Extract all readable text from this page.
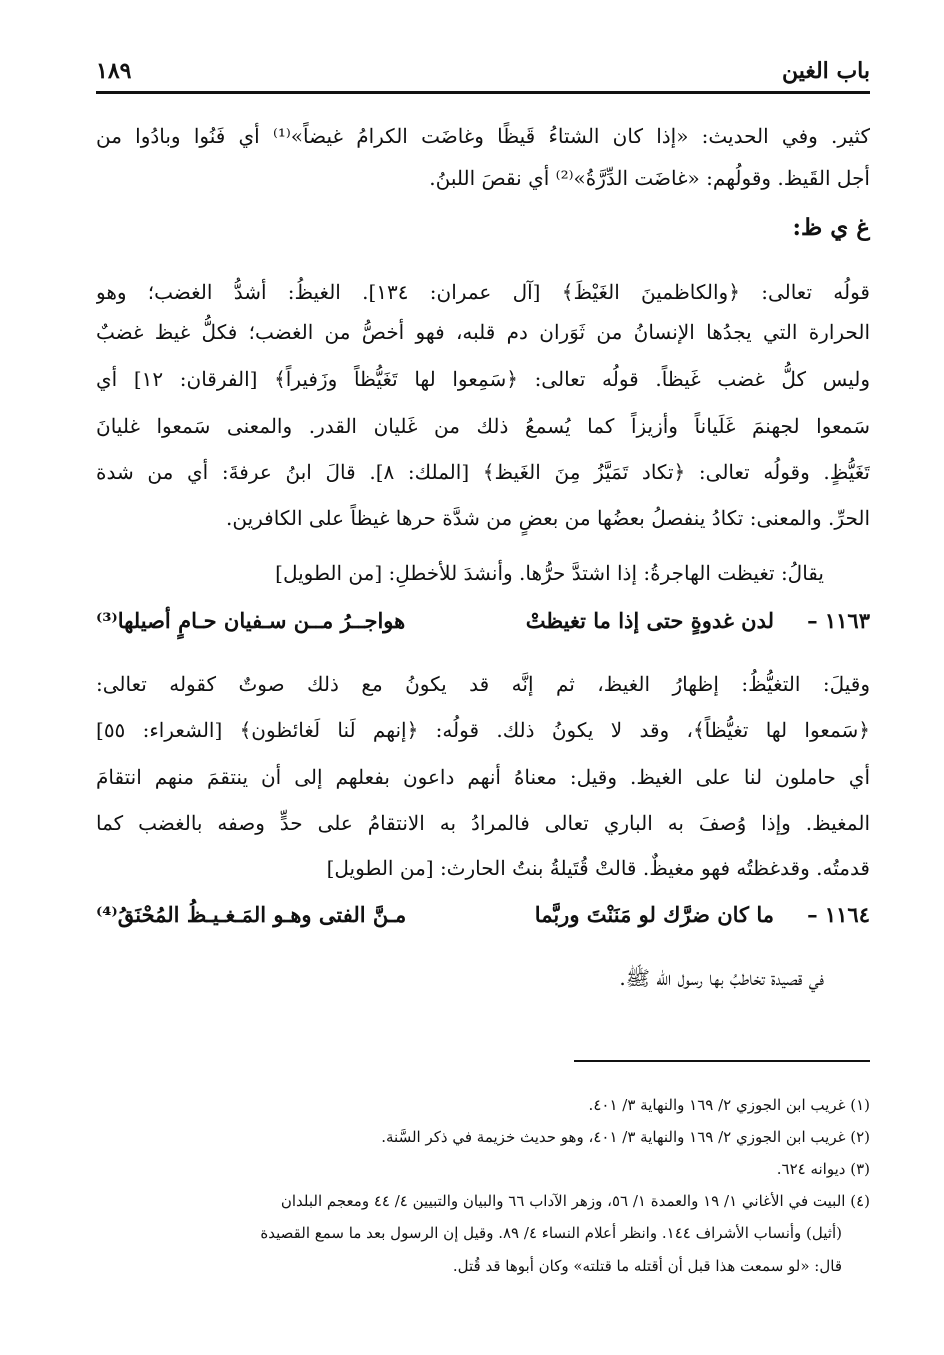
باب الغين
١٨٩
كثير. وفي الحديث: «إذا كان الشتاءُ قَيظًا وغاضَت الكرامُ غيضاً»⁽¹⁾ أي فَنُوا وبادُوا من
أجل القَيظ. وقولُهم: «غاضَت الدِّرَّةُ»⁽²⁾ أي نقصَ اللبنُ.
غ ي ظ:
قولُه تعالى: ﴿والكاظمينَ الغَيْظَ﴾ [آل عمران: ١٣٤]. الغيظُ: أشدُّ الغضب؛ وهو
الحرارة التي يجدُها الإنسانُ من ثَوَران دم قلبه، فهو أخصُّ من الغضب؛ فكلُّ غيظ غضبٌ
وليس كلُّ غضب غَيظاً. قولُه تعالى: ﴿سَمِعوا لها تَغَيُّظاً وزَفيراً﴾ [الفرقان: ١٢] أي
سَمعوا لجهنمَ غَلَياناً وأزيزاً كما يُسمعُ ذلك من غَليان القدر. والمعنى سَمعوا غليانَ
تَغَيُّظٍ. وقولُه تعالى: ﴿تكاد تَمَيَّزُ مِنَ الغَيظ﴾ [الملك: ٨]. قالَ ابنُ عرفةَ: أي من شدة
الحرِّ. والمعنى: تكادُ ينفصلُ بعضُها من بعضٍ من شدَّة حرها غيظاً على الكافرين.
يقالُ: تغيظت الهاجرةُ: إذا اشتدَّ حرُّها. وأنشدَ للأخطلِ: [من الطويل]
١١٦٣ –
لدن غدوةٍ حتى إذا ما تغيظتْ
هواجــرُ مــن سـفيان حـامٍ أصيلها⁽³⁾
وقيلَ: التغيُّظُ: إظهارُ الغيظ، ثم إنَّه قد يكونُ مع ذلك صوتٌ كقوله تعالى:
﴿سَمعوا لها تغيُّظاً﴾، وقد لا يكونُ ذلك. قولُه: ﴿إنهم لَنا لَغائظون﴾ [الشعراء: ٥٥]
أي حاملون لنا على الغيظ. وقيل: معناهُ أنهم داعون بفعلهم إلى أن ينتقمَ منهم انتقامَ
المغيظ. وإذا وُصفَ به الباري تعالى فالمرادُ به الانتقامُ على حدٍّ وصفه بالغضب كما
قدمتُه. وقدغظتُه فهو مغيظٌ. قالتْ قُتَيلةُ بنتُ الحارث: [من الطويل]
١١٦٤ –
ما كان ضرَّك لو مَنَنْتَ وربَّما
مـنَّ الفتى وهـو المَـغـيـظُ المُحْنَقُ⁽⁴⁾
في قصيدة تخاطبُ بها رسول الله ﷺ.
(١) غريب ابن الجوزي ٢/ ١٦٩ والنهاية ٣/ ٤٠١.
(٢) غريب ابن الجوزي ٢/ ١٦٩ والنهاية ٣/ ٤٠١، وهو حديث خزيمة في ذكر السَّنة.
(٣) ديوانه ٦٢٤.
(٤) البيت في الأغاني ١/ ١٩ والعمدة ١/ ٥٦، وزهر الآداب ٦٦ والبيان والتبيين ٤/ ٤٤ ومعجم البلدان
(أثيل) وأنساب الأشراف ١٤٤. وانظر أعلام النساء ٤/ ٨٩. وقيل إن الرسول بعد ما سمع القصيدة
قال: «لو سمعت هذا قبل أن أقتله ما قتلته» وكان أبوها قد قُتل.
